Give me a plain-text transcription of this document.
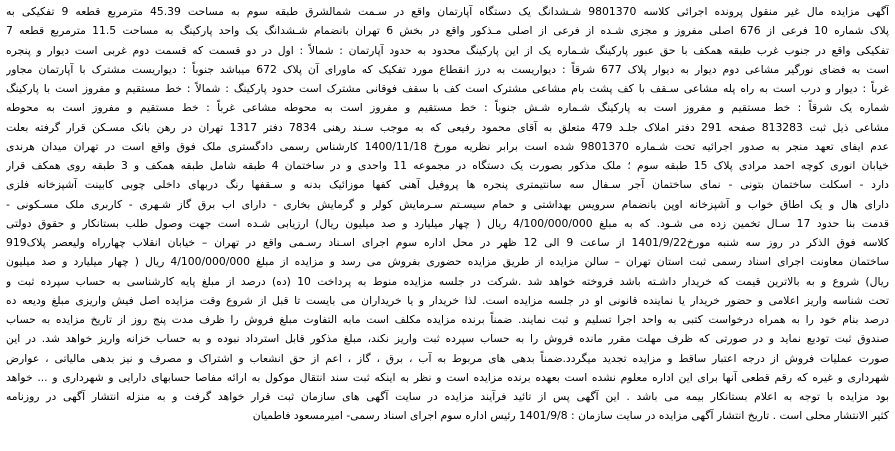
آگهی مزایده مال غیر منقول پرونده اجرائی کلاسه 9801370 شـشدانگ یک دستگاه آپارتمان واقع در سـمت شمالشرق طبقه سوم به مساحت 45.39 مترمربع قطعه 9 تفکیکی به
پلاک شماره 10 فرعی از 676 اصلی مفروز و مجزی شـده از فرعی از اصلی مـذکور واقع در بخش 6 تهران بانضمام شـشدانگ یک واحد پارکینگ به مساحت 11.5 مترمربع قطعه 7
تفکیکی واقع در جنوب غرب طبقه همکف با حق عبور پارکینگ شـماره یک از این پارکینگ محدود به حدود آپارتمان : شمالاً : اول در دو قسمت که قسمت دوم غربی است دیوار و پنجره
است به فضای نورگیر مشاعی دوم دیوار به دیوار پلاک 677 شرقاً : دیواریست به درز انقطاع مورد تفکیک که ماورای آن پلاک 672 میباشد جنوباً : دیواریست مشترک با آپارتمان مجاور
غرباً : دیوار و درب است به راه پله مشاعی سـقف با کف پشت بام مشاعی مشترک است کف با سقف فوقانی مشترک است حدود پارکینگ : شمالاً : خط مستقیم و مفروز است با پارکینگ
شماره یک شرقاً : خط مستقیم و مفروز است به پارکینگ شـماره شـش جنوباً : خط مستقیم و مفروز است به محوطه مشاعی غرباً : خط مستقیم و مفروز است به محوطه
مشاعی ذیل ثبت 813283 صفحه 291 دفتر املاک جلـد 479 متعلق به آقای محمود رفیعی که به موجب سـند رهنی 7834 دفتر 1317 تهران در رهن بانک مسـکن قرار گرفته بعلت
عدم ایفای تعهد منجر به صدور اجرائیه تحت شـماره 9801370 شده است برابر نظریه مورخ 1400/11/18 کارشناس رسمی دادگستری ملک فوق واقع است در تهران میدان هرندی
خیابان انوری کوچه احمد مرادی پلاک 15 طبقه سوم ؛ ملک مذکور بصورت یک دستگاه در مجموعه 11 واحدی و در ساختمان 4 طبقه شامل طبقه همکف و 3 طبقه روی همکف قرار
دارد - اسکلت ساختمان بتونی - نمای ساختمان آجر سـفال سه سانتیمتری پنجره ها پروفیل آهنی کفها موزائیک بدنه و سـقفها رنگ دربهای داخلی چوبی کابینت آشپزخانه فلزی
دارای هال و یک اطاق خواب و آشپزخانه اوپن بانضمام سرویس بهداشتی و حمام سیسـتم سـرمایش کولر و گرمایش بخاری - دارای اب برق گاز شـهری - کاربری ملک مسـکونی -
قدمت بنا حدود 17 سـال تخمین زده می شـود. که به مبلغ 4/100/000/000 ریال ( چهار میلیارد و صد میلیون ریال) ارزیابی شـده است جهت وصول طلب بستانکار و حقوق دولتی
کلاسه فوق الذکر در روز سه شنبه مورخ1401/9/22 از ساعت 9 الی 12 ظهر در محل اداره سوم اجرای اسـناد رسـمی واقع در تهران – خیابان انقلاب چهارراه ولیعصر پلاک919
ساختمان معاونت اجرای اسناد رسمی ثبت استان تهران – سالن مزایده از طریق مزایده حضوری بفروش می رسد و مزایده از مبلغ 4/100/000/000 ریال ( چهار میلیارد و صد میلیون
ریال) شروع و به بالاترین قیمت که خریدار داشـته باشد فروخته خواهد شد .شرکت در جلسه مزایده منوط به پرداخت 10 (ده) درصد از مبلغ پایه کارشناسی به حساب سپرده ثبت و
تحت شناسه واریز اعلامی و حضور خریدار یا نماینده قانونی او در جلسه مزایده است. لذا خریدار و یا خریداران می بایست تا قبل از شروع وقت مزایده اصل فیش واریزی مبلغ ودیعه ده
درصد بنام خود را به همراه درخواست کتبی به واحد اجرا تسلیم و ثبت نمایند. ضمناً برنده مزایده مکلف است مابه التفاوت مبلغ فروش را ظرف مدت پنج روز از تاریخ مزایده به حساب
صندوق ثبت تودیع نماید و در صورتی که ظرف مهلت مقرر مانده فروش را به حساب سپرده ثبت واریز نکند، مبلغ مذکور قابل استرداد نبوده و به حساب خزانه واریز خواهد شد. در این
صورت عملیات فروش از درجه اعتبار ساقط و مزایده تجدید میگردد.ضمناً بدهی های مربوط به آب ، برق ، گاز ، اعم از حق انشعاب و اشتراک و مصرف و نیز بدهی مالیاتی ، عوارض
شهرداری و غیره که رقم قطعی آنها برای این اداره معلوم نشده است بعهده برنده مزایده است و نظر به اینکه ثبت سند انتقال موکول به ارائه مفاصا حسابهای دارایی و شهرداری و ... خواهد
بود مزایده با توجه به اعلام بستانکار بیمه می باشد . این آگهی پس از تائید فرآیند مزایده در سایت آگهی های سازمان ثبت قرار خواهد گرفت و به منزله انتشار آگهی در روزنامه
کثیر الانتشار محلی است . تاریخ انتشار آگهی مزایده در سایت سازمان : 1401/9/8 رئیس اداره سوم اجرای اسناد رسمی- امیرمسعود فاطمیان
